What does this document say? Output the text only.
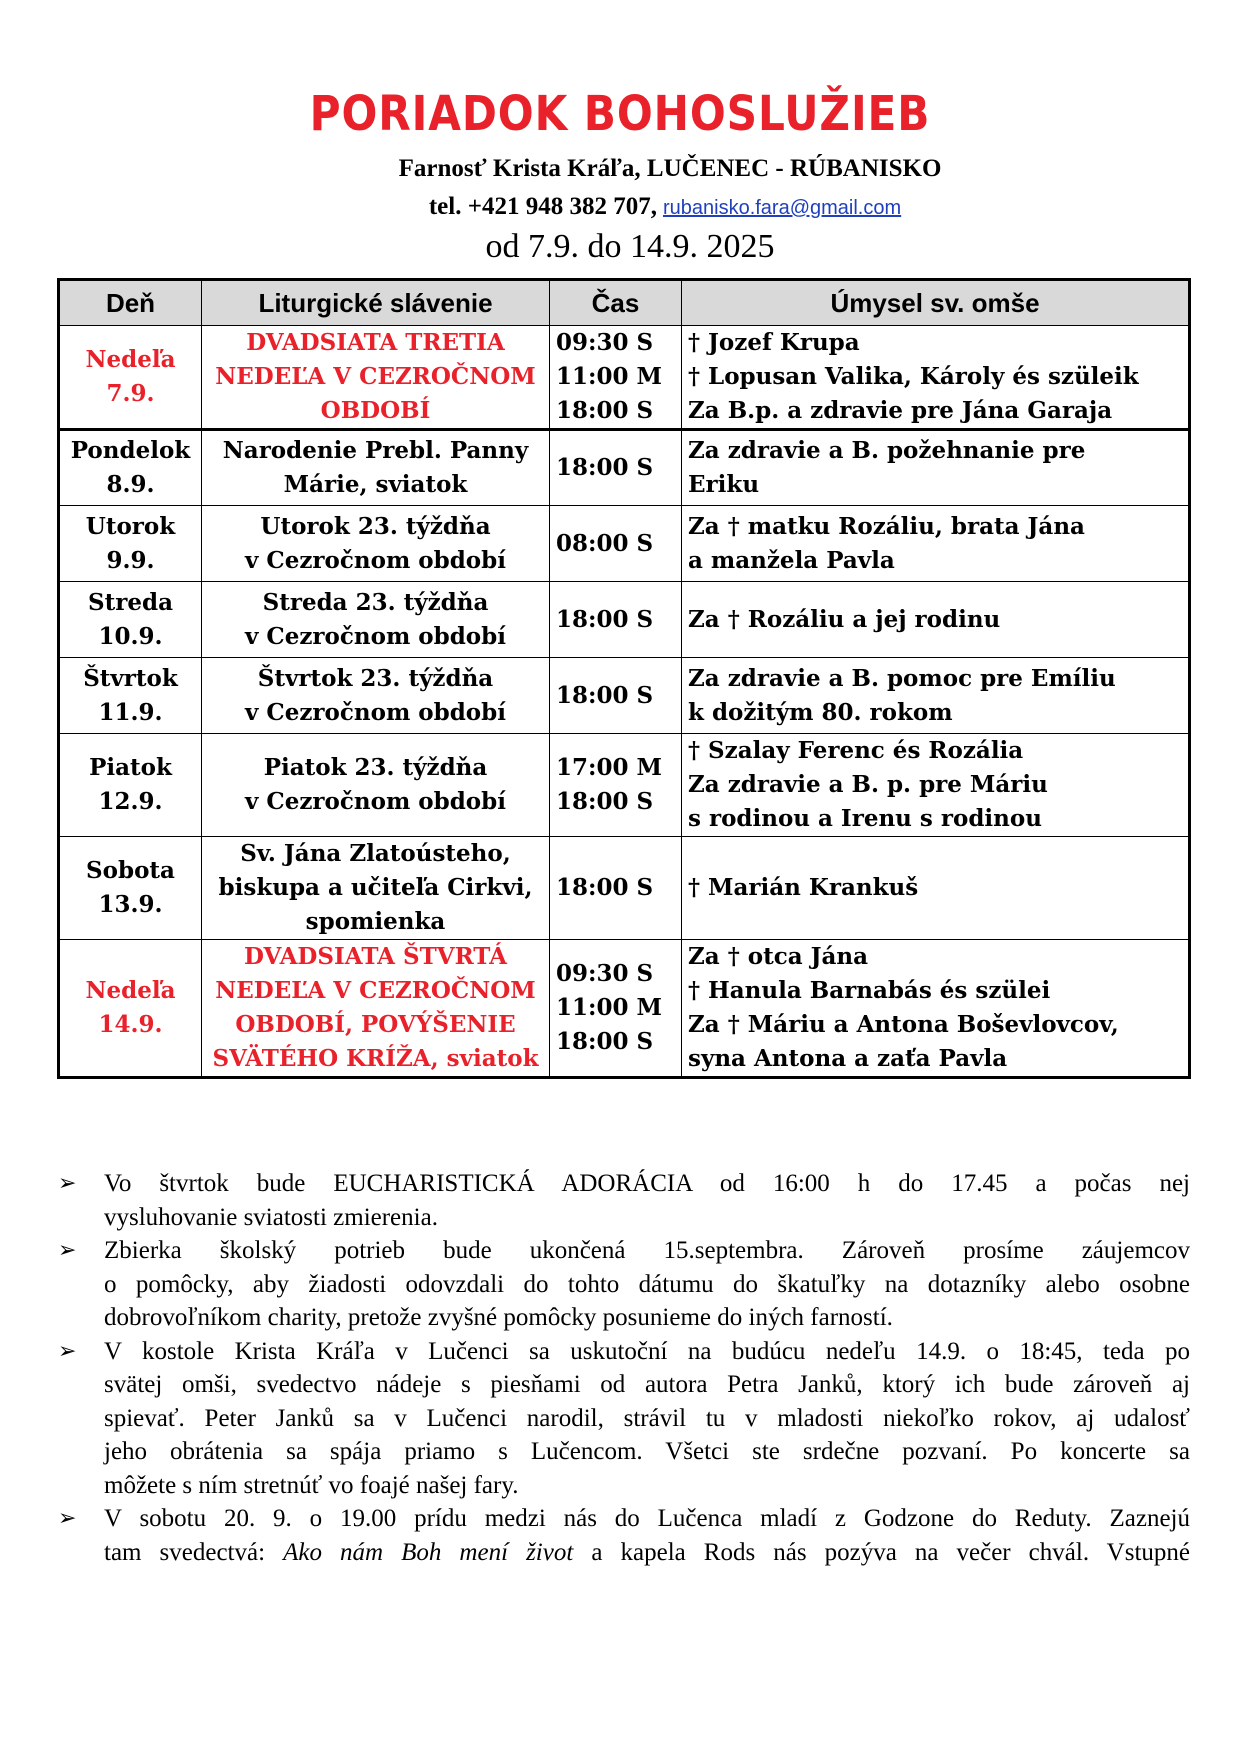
PORIADOK BOHOSLUŽIEB
Farnosť Krista Kráľa, LUČENEC - RÚBANISKO
tel. +421 948 382 707, rubanisko.fara@gmail.com
od 7.9. do 14.9. 2025
Deň	Liturgické slávenie	Čas	Úmysel sv. omše

Nedeľa
7.9.	DVADSIATA TRETIA
NEDEĽA V CEZROČNOM
OBDOBÍ	09:30 S
11:00 M
18:00 S	† Jozef Krupa
† Lopusan Valika, Károly és szüleik
Za B.p. a zdravie pre Jána Garaja

Pondelok
8.9.	Narodenie Prebl. Panny
Márie, sviatok	18:00 S	Za zdravie a B. požehnanie pre
Eriku

Utorok
9.9.	Utorok 23. týždňa
v Cezročnom období	08:00 S	Za † matku Rozáliu, brata Jána
a manžela Pavla

Streda
10.9.	Streda 23. týždňa
v Cezročnom období	18:00 S	Za † Rozáliu a jej rodinu

Štvrtok
11.9.	Štvrtok 23. týždňa
v Cezročnom období	18:00 S	Za zdravie a B. pomoc pre Emíliu
k dožitým 80. rokom

Piatok
12.9.	Piatok 23. týždňa
v Cezročnom období	17:00 M
18:00 S	† Szalay Ferenc és Rozália
Za zdravie a B. p. pre Máriu
s rodinou a Irenu s rodinou

Sobota
13.9.	Sv. Jána Zlatoústeho,
biskupa a učiteľa Cirkvi,
spomienka	18:00 S	† Marián Krankuš

Nedeľa
14.9.	DVADSIATA ŠTVRTÁ
NEDEĽA V CEZROČNOM
OBDOBÍ, POVÝŠENIE
SVÄTÉHO KRÍŽA, sviatok	09:30 S
11:00 M
18:00 S	Za † otca Jána
† Hanula Barnabás és szülei
Za † Máriu a Antona Boševlovcov,
syna Antona a zaťa Pavla
➢	Vo štvrtok bude EUCHARISTICKÁ ADORÁCIA od 16:00 h do 17.45 a počas nej
vysluhovanie sviatosti zmierenia.
➢	Zbierka školský potrieb bude ukončená 15.septembra. Zároveň prosíme záujemcov
o pomôcky, aby žiadosti odovzdali do tohto dátumu do škatuľky na dotazníky alebo osobne
dobrovoľníkom charity, pretože zvyšné pomôcky posunieme do iných farností.
➢	V kostole Krista Kráľa v Lučenci sa uskutoční na budúcu nedeľu 14.9. o 18:45, teda po
svätej omši, svedectvo nádeje s piesňami od autora Petra Janků, ktorý ich bude zároveň aj
spievať. Peter Janků sa v Lučenci narodil, strávil tu v mladosti niekoľko rokov, aj udalosť
jeho obrátenia sa spája priamo s Lučencom. Všetci ste srdečne pozvaní. Po koncerte sa
môžete s ním stretnúť vo foajé našej fary.
➢	V sobotu 20. 9. o 19.00 prídu medzi nás do Lučenca mladí z Godzone do Reduty. Zaznejú
tam svedectvá: Ako nám Boh mení život a kapela Rods nás pozýva na večer chvál. Vstupné
